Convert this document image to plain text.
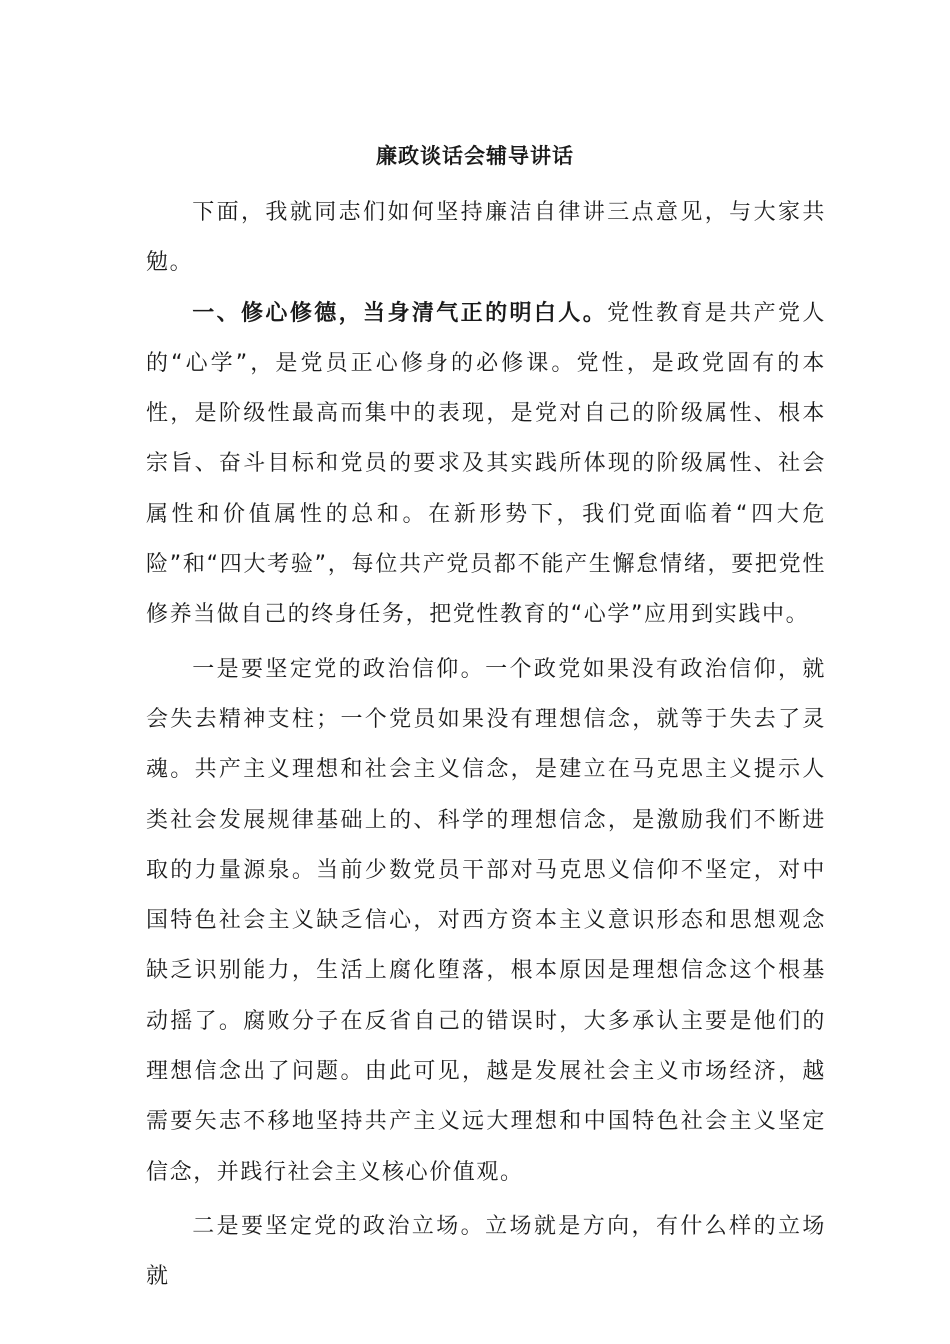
廉政谈话会辅导讲话

下面，我就同志们如何坚持廉洁自律讲三点意见，与大家共勉。

一、修心修德，当身清气正的明白人。党性教育是共产党人的“心学”，是党员正心修身的必修课。党性，是政党固有的本性，是阶级性最高而集中的表现，是党对自己的阶级属性、根本宗旨、奋斗目标和党员的要求及其实践所体现的阶级属性、社会属性和价值属性的总和。在新形势下，我们党面临着“四大危险”和“四大考验”，每位共产党员都不能产生懈怠情绪，要把党性修养当做自己的终身任务，把党性教育的“心学”应用到实践中。

一是要坚定党的政治信仰。一个政党如果没有政治信仰，就会失去精神支柱；一个党员如果没有理想信念，就等于失去了灵魂。共产主义理想和社会主义信念，是建立在马克思主义提示人类社会发展规律基础上的、科学的理想信念，是激励我们不断进取的力量源泉。当前少数党员干部对马克思义信仰不坚定，对中国特色社会主义缺乏信心，对西方资本主义意识形态和思想观念缺乏识别能力，生活上腐化堕落，根本原因是理想信念这个根基动摇了。腐败分子在反省自己的错误时，大多承认主要是他们的理想信念出了问题。由此可见，越是发展社会主义市场经济，越需要矢志不移地坚持共产主义远大理想和中国特色社会主义坚定信念，并践行社会主义核心价值观。

二是要坚定党的政治立场。立场就是方向，有什么样的立场就
